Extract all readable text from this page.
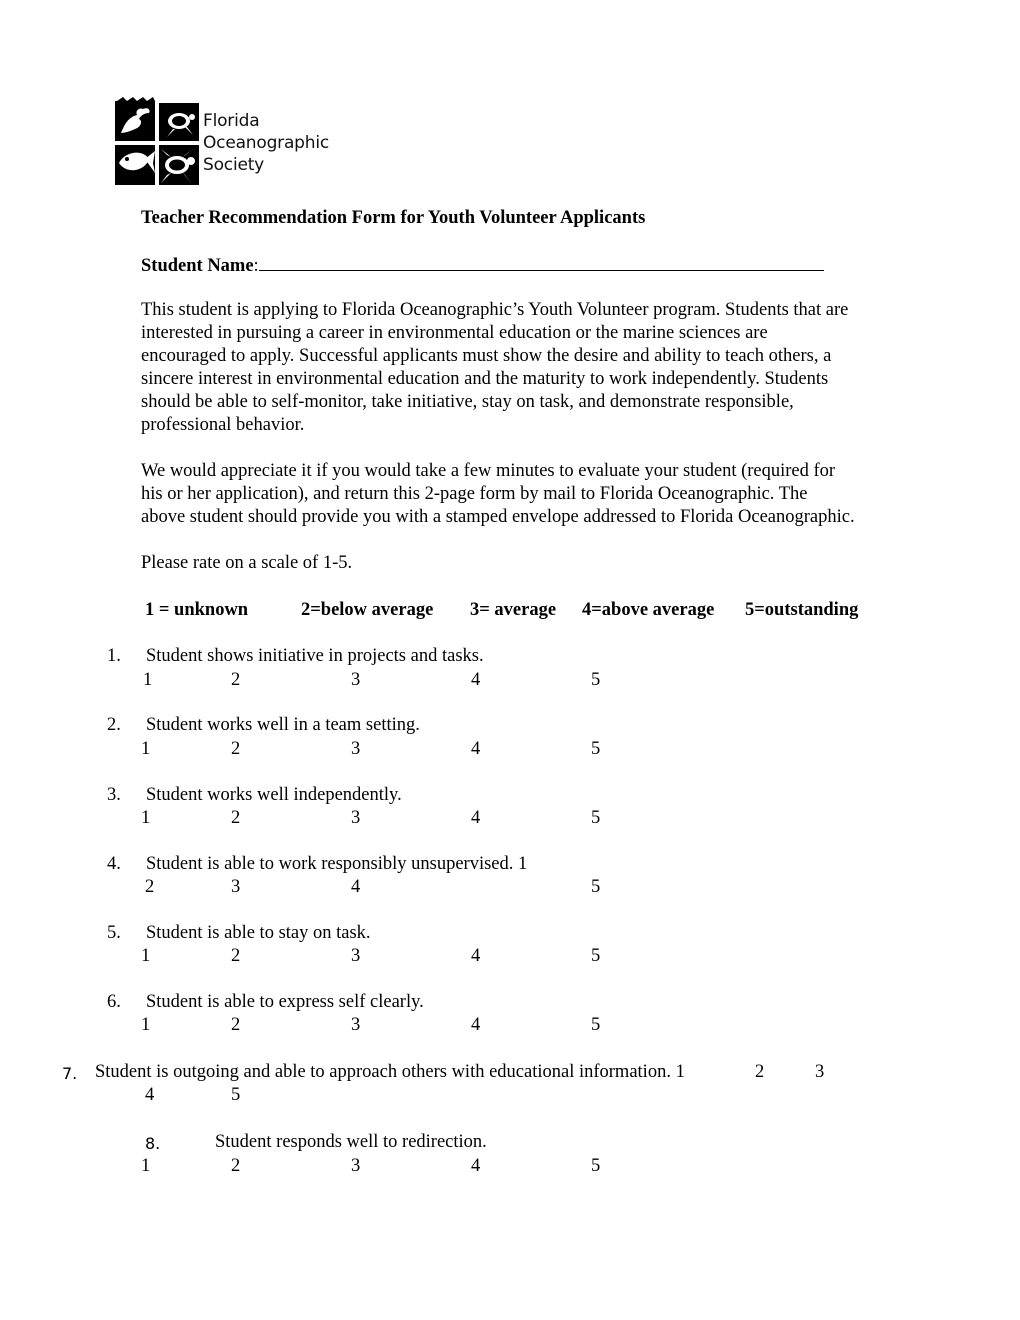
Florida
Oceanographic
Society
Teacher Recommendation Form for Youth Volunteer Applicants
Student Name:
This student is applying to Florida Oceanographic’s Youth Volunteer program. Students that are
interested in pursuing a career in environmental education or the marine sciences are
encouraged to apply. Successful applicants must show the desire and ability to teach others, a
sincere interest in environmental education and the maturity to work independently. Students
should be able to self-monitor, take initiative, stay on task, and demonstrate responsible,
professional behavior.
We would appreciate it if you would take a few minutes to evaluate your student (required for
his or her application), and return this 2-page form by mail to Florida Oceanographic. The
above student should provide you with a stamped envelope addressed to Florida Oceanographic.
Please rate on a scale of 1-5.
1 = unknown	2=below average 3= average 4=above average 5=outstanding
1. Student shows initiative in projects and tasks.
1	2	3	4	5
2. Student works well in a team setting.
1	2	3	4	5
3. Student works well independently.
1	2	3	4	5
4. Student is able to work responsibly unsupervised. 1
2	3	4	5
5. Student is able to stay on task.
1	2	3	4	5
6. Student is able to express self clearly.
1	2	3	4	5
7. Student is outgoing and able to approach others with educational information. 1	2	3
4	5
8.	Student responds well to redirection.
1	2	3	4	5
